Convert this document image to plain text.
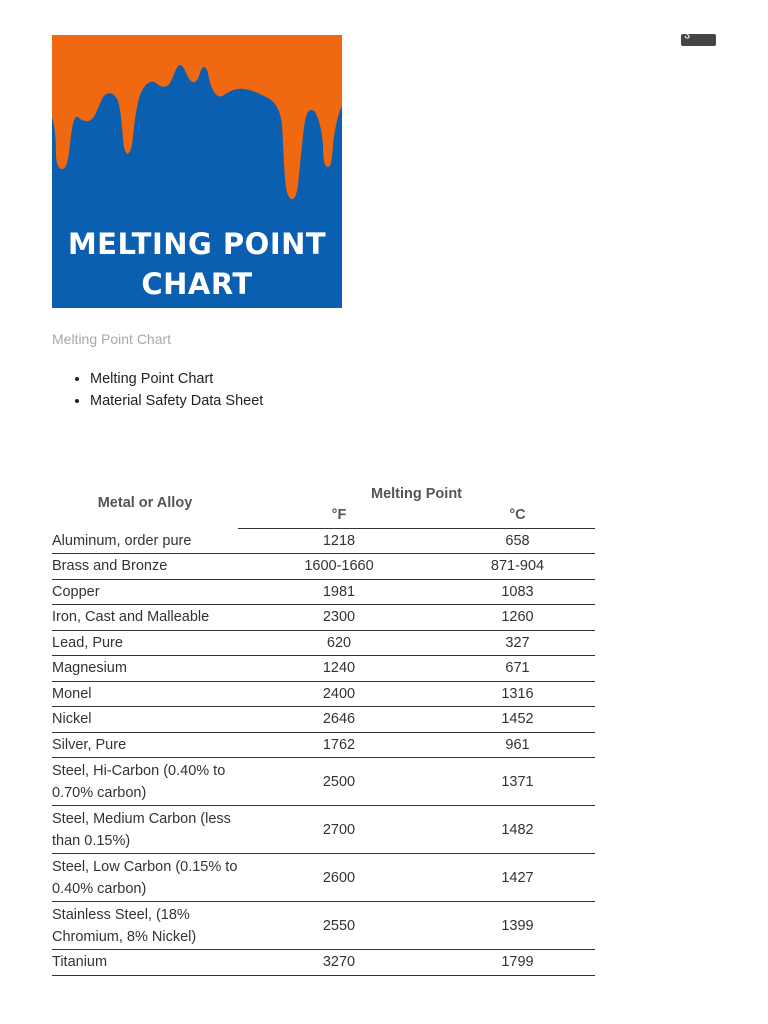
MELTING POINT
CHART
ऽ
Melting Point Chart
• Melting Point Chart
• Material Safety Data Sheet
Metal or Alloy	Melting Point	
	°F	°C
Aluminum, order pure	1218	658
Brass and Bronze	1600-1660	871-904
Copper	1981	1083
Iron, Cast and Malleable	2300	1260
Lead, Pure	620	327
Magnesium	1240	671
Monel	2400	1316
Nickel	2646	1452
Silver, Pure	1762	961
Steel, Hi-Carbon (0.40% to 0.70% carbon)	2500	1371
Steel, Medium Carbon (less than 0.15%)	2700	1482
Steel, Low Carbon (0.15% to 0.40% carbon)	2600	1427
Stainless Steel, (18% Chromium, 8% Nickel)	2550	1399
Titanium	3270	1799
